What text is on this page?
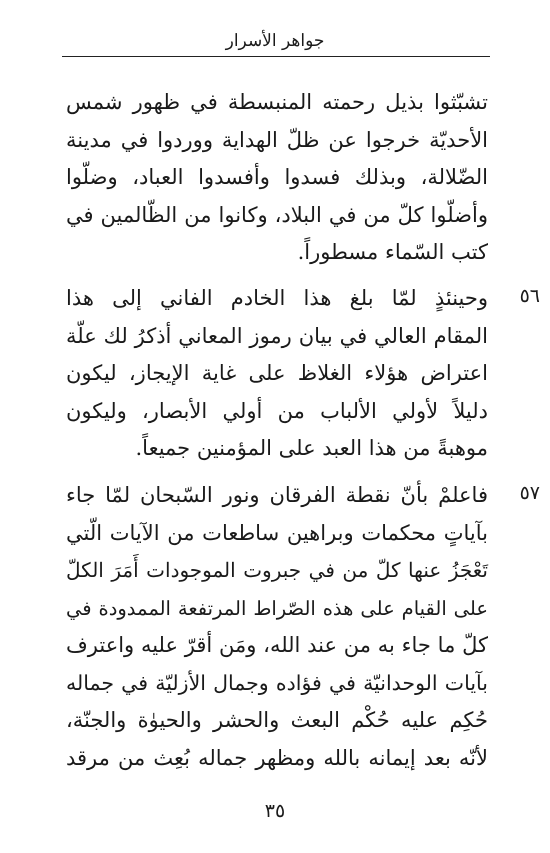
جواهر الأسرار
تشبّثوا بذيل رحمته المنبسطة في ظهور شمس
الأحديّة خرجوا عن ظلّ الهداية ووردوا في مدينة
الضّلالة، وبذلك فسدوا وأفسدوا العباد، وضلّوا
وأضلّوا كلّ من في البلاد، وكانوا من الظّالمين في
كتب السّماء مسطوراً.
٥٦
وحينئذٍ لمّا بلغ هذا الخادم الفاني إلى هذا
المقام العالي في بيان رموز المعاني أذكرُ لك علّة
اعتراض هؤلاء الغلاظ على غاية الإيجاز، ليكون
دليلاً لأولي الألباب من أولي الأبصار، وليكون
موهبةً من هذا العبد على المؤمنين جميعاً.
٥٧
فاعلمْ بأنّ نقطة الفرقان ونور السّبحان لمّا جاء
بآياتٍ محكمات وبراهين ساطعات من الآيات الّتي
تَعْجَزُ عنها كلّ من في جبروت الموجودات أَمَرَ الكلّ
على القيام على هذه الصّراط المرتفعة الممدودة في
كلّ ما جاء به من عند الله، ومَن أقرّ عليه واعترف
بآيات الوحدانيّة في فؤاده وجمال الأزليّة في جماله
حُكِم عليه حُكْم البعث والحشر والحيوٰة والجنّة،
لأنّه بعد إيمانه بالله ومظهر جماله بُعِث من مرقد
٣٥
